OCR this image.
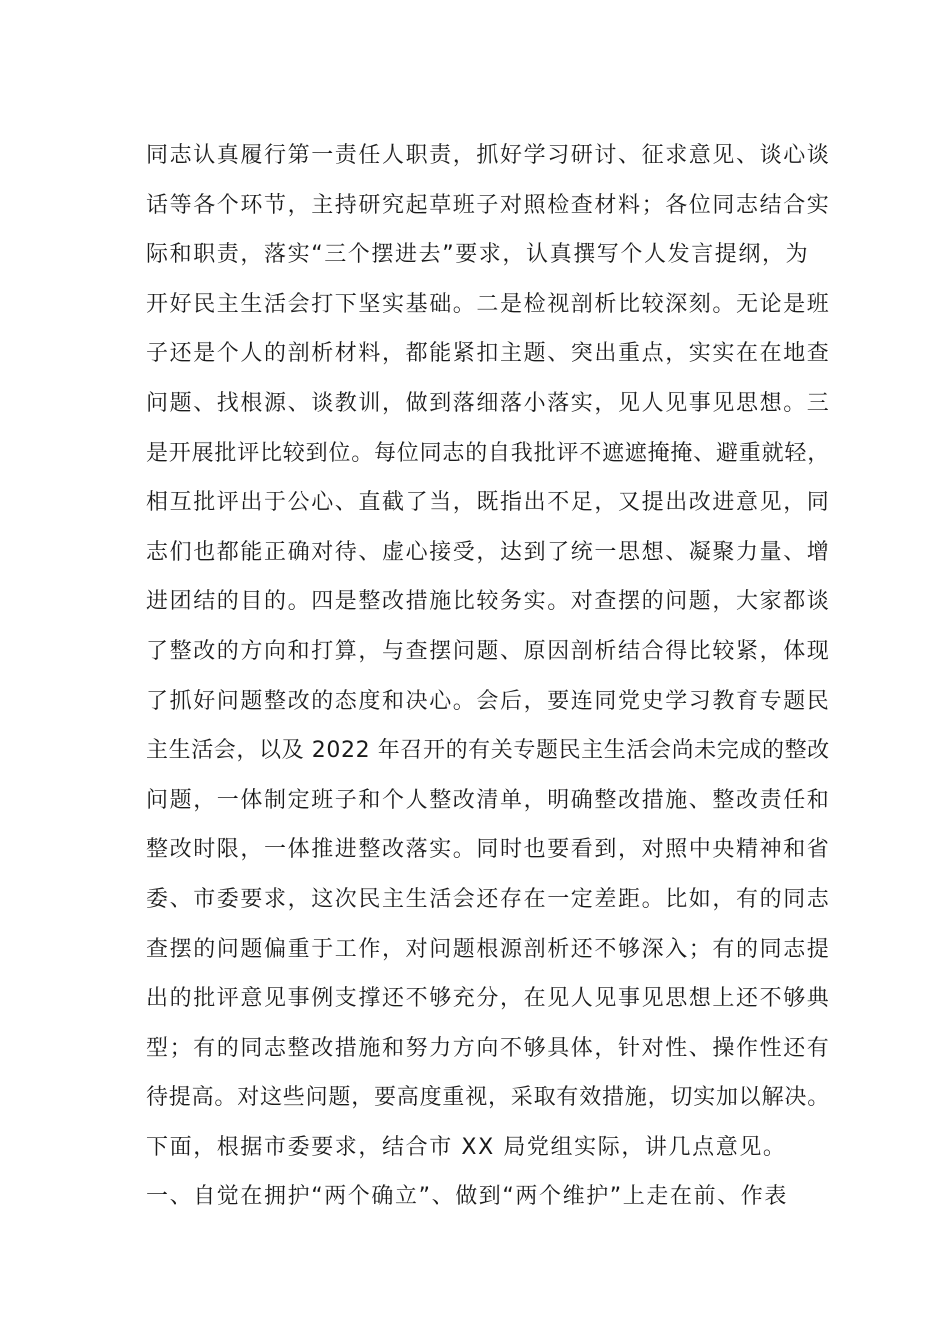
同志认真履行第一责任人职责，抓好学习研讨、征求意见、谈心谈
话等各个环节，主持研究起草班子对照检查材料；各位同志结合实
际和职责，落实“三个摆进去”要求，认真撰写个人发言提纲，为
开好民主生活会打下坚实基础。二是检视剖析比较深刻。无论是班
子还是个人的剖析材料，都能紧扣主题、突出重点，实实在在地查
问题、找根源、谈教训，做到落细落小落实，见人见事见思想。三
是开展批评比较到位。每位同志的自我批评不遮遮掩掩、避重就轻，
相互批评出于公心、直截了当，既指出不足，又提出改进意见，同
志们也都能正确对待、虚心接受，达到了统一思想、凝聚力量、增
进团结的目的。四是整改措施比较务实。对查摆的问题，大家都谈
了整改的方向和打算，与查摆问题、原因剖析结合得比较紧，体现
了抓好问题整改的态度和决心。会后，要连同党史学习教育专题民
主生活会，以及 2022 年召开的有关专题民主生活会尚未完成的整改
问题，一体制定班子和个人整改清单，明确整改措施、整改责任和
整改时限，一体推进整改落实。同时也要看到，对照中央精神和省
委、市委要求，这次民主生活会还存在一定差距。比如，有的同志
查摆的问题偏重于工作，对问题根源剖析还不够深入；有的同志提
出的批评意见事例支撑还不够充分，在见人见事见思想上还不够典
型；有的同志整改措施和努力方向不够具体，针对性、操作性还有
待提高。对这些问题，要高度重视，采取有效措施，切实加以解决。
下面，根据市委要求，结合市 XX 局党组实际，讲几点意见。
一、自觉在拥护“两个确立”、做到“两个维护”上走在前、作表
